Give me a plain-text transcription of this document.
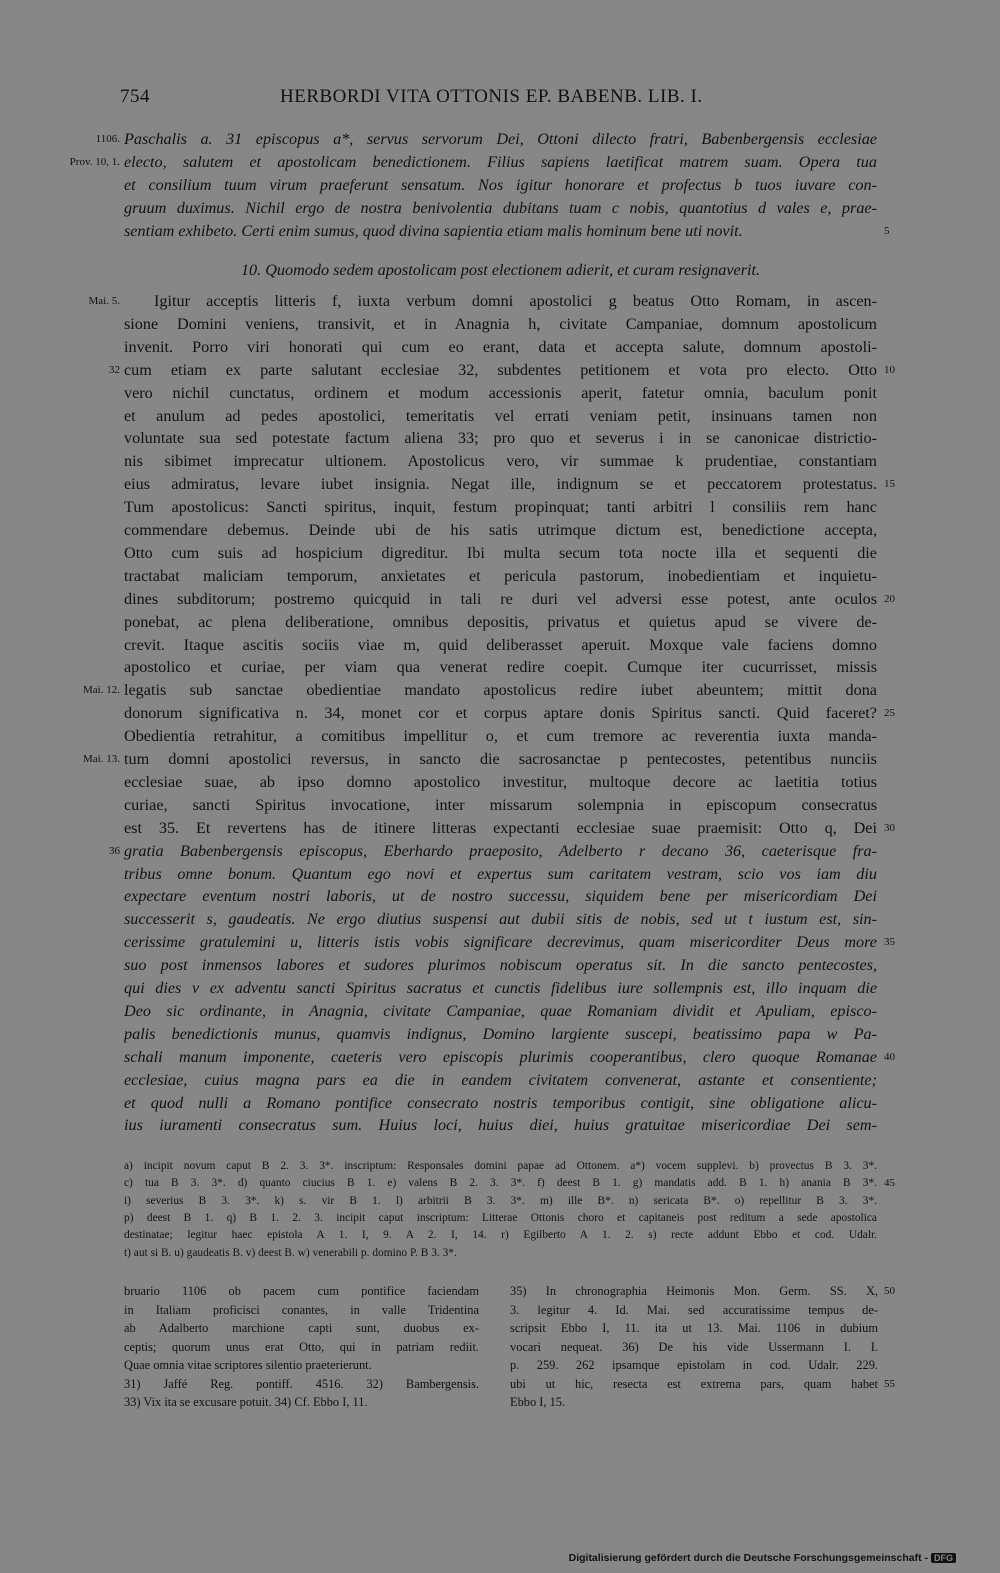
754	HERBORDI VITA OTTONIS EP. BABENB. LIB. I.
Paschalis a. 31 episcopus a*, servus servorum Dei, Ottoni dilecto fratri, Babenbergensis ecclesiae
1106.
electo, salutem et apostolicam benedictionem. Filius sapiens laetificat matrem suam. Opera tua
Prov. 10, 1.
et consilium tuum virum praeferunt sensatum. Nos igitur honorare et profectus b tuos iuvare con-
gruum duximus. Nichil ergo de nostra benivolentia dubitans tuam c nobis, quantotius d vales e, prae-
sentiam exhibeto. Certi enim sumus, quod divina sapientia etiam malis hominum bene uti novit.	5
10. Quomodo sedem apostolicam post electionem adierit, et curam resignaverit.
Igitur acceptis litteris f, iuxta verbum domni apostolici g beatus Otto Romam, in ascen-
Mai. 5.
sione Domini veniens, transivit, et in Anagnia h, civitate Campaniae, domnum apostolicum
invenit. Porro viri honorati qui cum eo erant, data et accepta salute, domnum apostoli-
cum etiam ex parte salutant ecclesiae 32, subdentes petitionem et vota pro electo. Otto
32	10
vero nichil cunctatus, ordinem et modum accessionis aperit, fatetur omnia, baculum ponit
et anulum ad pedes apostolici, temeritatis vel errati veniam petit, insinuans tamen non
voluntate sua sed potestate factum aliena 33; pro quo et severus i in se canonicae districtio-
nis sibimet imprecatur ultionem. Apostolicus vero, vir summae k prudentiae, constantiam
eius admiratus, levare iubet insignia. Negat ille, indignum se et peccatorem protestatus. 15
Tum apostolicus: Sancti spiritus, inquit, festum propinquat; tanti arbitri l consiliis rem hanc
commendare debemus. Deinde ubi de his satis utrimque dictum est, benedictione accepta,
Otto cum suis ad hospicium digreditur. Ibi multa secum tota nocte illa et sequenti die
tractabat maliciam temporum, anxietates et pericula pastorum, inobedientiam et inquietu-
dines subditorum; postremo quicquid in tali re duri vel adversi esse potest, ante oculos 20
ponebat, ac plena deliberatione, omnibus depositis, privatus et quietus apud se vivere de-
crevit. Itaque ascitis sociis viae m, quid deliberasset aperuit. Moxque vale faciens domno
apostolico et curiae, per viam qua venerat redire coepit. Cumque iter cucurrisset, missis
legatis sub sanctae obedientiae mandato apostolicus redire iubet abeuntem; mittit dona
Mai. 12.
donorum significativa n. 34, monet cor et corpus aptare donis Spiritus sancti. Quid faceret? 25
Obedientia retrahitur, a comitibus impellitur o, et cum tremore ac reverentia iuxta manda-
tum domni apostolici reversus, in sancto die sacrosanctae p pentecostes, petentibus nunciis
Mai. 13.
ecclesiae suae, ab ipso domno apostolico investitur, multoque decore ac laetitia totius
curiae, sancti Spiritus invocatione, inter missarum solempnia in episcopum consecratus
est 35. Et revertens has de itinere litteras expectanti ecclesiae suae praemisit: Otto q, Dei 30
gratia Babenbergensis episcopus, Eberhardo praeposito, Adelberto r decano 36, caeterisque fra-
36
tribus omne bonum. Quantum ego novi et expertus sum caritatem vestram, scio vos iam diu
expectare eventum nostri laboris, ut de nostro successu, siquidem bene per misericordiam Dei
successerit s, gaudeatis. Ne ergo diutius suspensi aut dubii sitis de nobis, sed ut t iustum est, sin-
cerissime gratulemini u, litteris istis vobis significare decrevimus, quam misericorditer Deus more 35
suo post inmensos labores et sudores plurimos nobiscum operatus sit. In die sancto pentecostes,
qui dies v ex adventu sancti Spiritus sacratus et cunctis fidelibus iure sollempnis est, illo inquam die
Deo sic ordinante, in Anagnia, civitate Campaniae, quae Romaniam dividit et Apuliam, episco-
palis benedictionis munus, quamvis indignus, Domino largiente suscepi, beatissimo papa w Pa-
schali manum imponente, caeteris vero episcopis plurimis cooperantibus, clero quoque Romanae 40
ecclesiae, cuius magna pars ea die in eandem civitatem convenerat, astante et consentiente;
et quod nulli a Romano pontifice consecrato nostris temporibus contigit, sine obligatione alicu-
ius iuramenti consecratus sum. Huius loci, huius diei, huius gratuitae misericordiae Dei sem-
a) incipit novum caput B 2. 3. 3*. inscriptum: Responsales domini papae ad Ottonem. a*) vocem supplevi. b) provectus B 3. 3*.
c) tua B 3. 3*. d) quanto ciucius B 1. e) valens B 2. 3. 3*. f) deest B 1. g) mandatis add. B 1. h) anania B 3*. 45
i) severius B 3. 3*. k) s. vir B 1. l) arbitrii B 3. 3*. m) ille B*. n) sericata B*. o) repellitur B 3. 3*.
p) deest B 1. q) B 1. 2. 3. incipit caput inscriptum: Litterae Ottonis choro et capitaneis post reditum a sede apostolica
destinatae; legitur haec epistola A 1. I, 9. A 2. I, 14. r) Egilberto A 1. 2. s) recte addunt Ebbo et cod. Udalr.
t) aut si B. u) gaudeatis B. v) deest B. w) venerabili p. domino P. B 3. 3*.
bruario 1106 ob pacem cum pontifice faciendam
in Italiam proficisci conantes, in valle Tridentina
ab Adalberto marchione capti sunt, duobus ex-
ceptis; quorum unus erat Otto, qui in patriam rediit.
Quae omnia vitae scriptores silentio praeterierunt.
31) Jaffé Reg. pontiff. 4516. 32) Bambergensis.
33) Vix ita se excusare potuit. 34) Cf. Ebbo I, 11.
35) In chronographia Heimonis Mon. Germ. SS. X,
3. legitur 4. Id. Mai. sed accuratissime tempus de-
scripsit Ebbo I, 11. ita ut 13. Mai. 1106 in dubium
vocari nequeat. 36) De his vide Ussermann I. I.
p. 259. 262 ipsamque epistolam in cod. Udalr. 229.
ubi ut hic, resecta est extrema pars, quam habet
Ebbo I, 15.
50
55
Digitalisierung gefördert durch die Deutsche Forschungsgemeinschaft - DFG
